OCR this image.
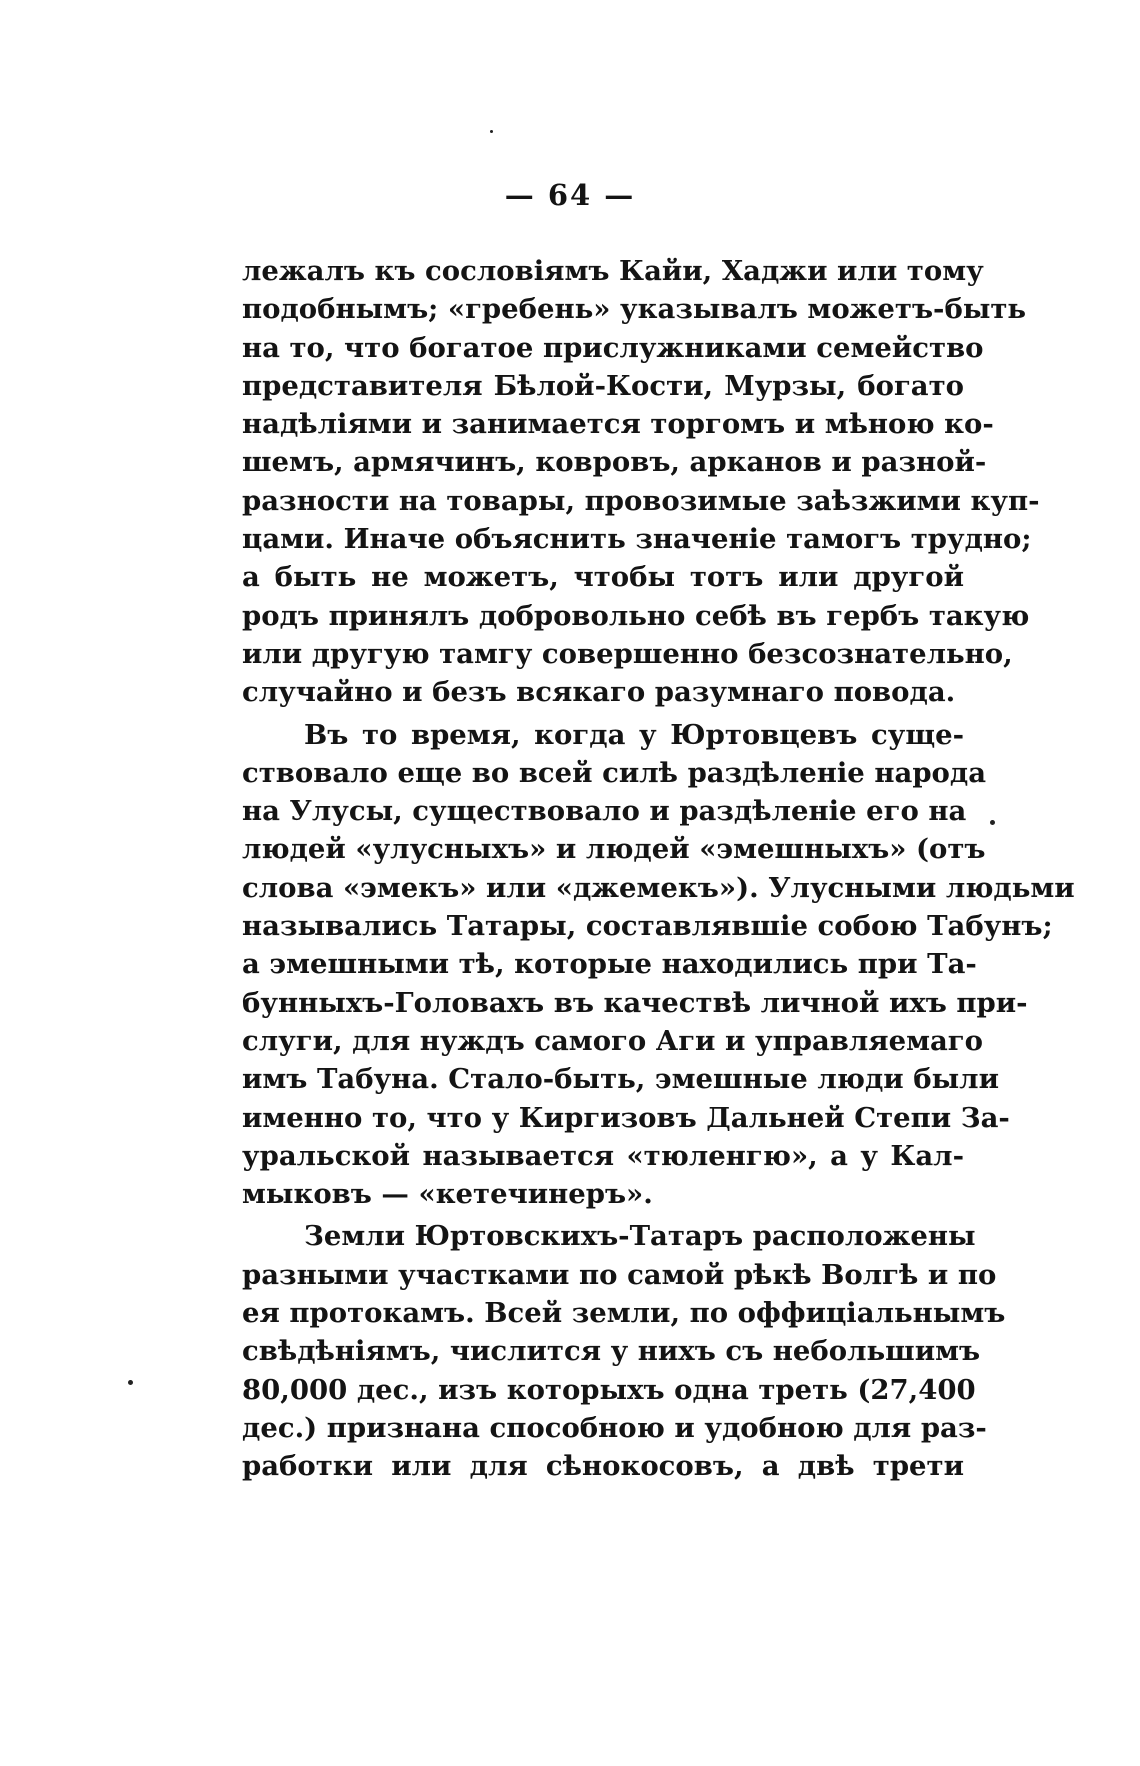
— 64 —
лежалъ къ сословіямъ Кайи, Хаджи или тому
подобнымъ; «гребень» указывалъ можетъ-быть
на то, что богатое прислужниками семейство
представителя Бѣлой-Кости, Мурзы, богато
надѣліями и занимается торгомъ и мѣною ко-
шемъ, армячинъ, ковровъ, арканов и разной-
разности на товары, провозимые заѣзжими куп-
цами. Иначе объяснить значеніе тамогъ трудно;
а быть не можетъ, чтобы тотъ или другой
родъ принялъ добровольно себѣ въ гербъ такую
или другую тамгу совершенно безсознательно,
случайно и безъ всякаго разумнаго повода.
Въ то время, когда у Юртовцевъ суще-
ствовало еще во всей силѣ раздѣленіе народа
на Улусы, существовало и раздѣленіе его на
людей «улусныхъ» и людей «эмешныхъ» (отъ
слова «эмекъ» или «джемекъ»). Улусными людьми
назывались Татары, составлявшіе собою Табунъ;
а эмешными тѣ, которые находились при Та-
бунныхъ-Головахъ въ качествѣ личной ихъ при-
слуги, для нуждъ самого Аги и управляемаго
имъ Табуна. Стало-быть, эмешные люди были
именно то, что у Киргизовъ Дальней Степи За-
уральской называется «тюленгю», а у Кал-
мыковъ — «кетечинеръ».
Земли Юртовскихъ-Татаръ расположены
разными участками по самой рѣкѣ Волгѣ и по
ея протокамъ. Всей земли, по оффиціальнымъ
свѣдѣніямъ, числится у нихъ съ небольшимъ
80,000 дес., изъ которыхъ одна треть (27,400
дес.) признана способною и удобною для раз-
работки или для сѣнокосовъ, а двѣ трети
